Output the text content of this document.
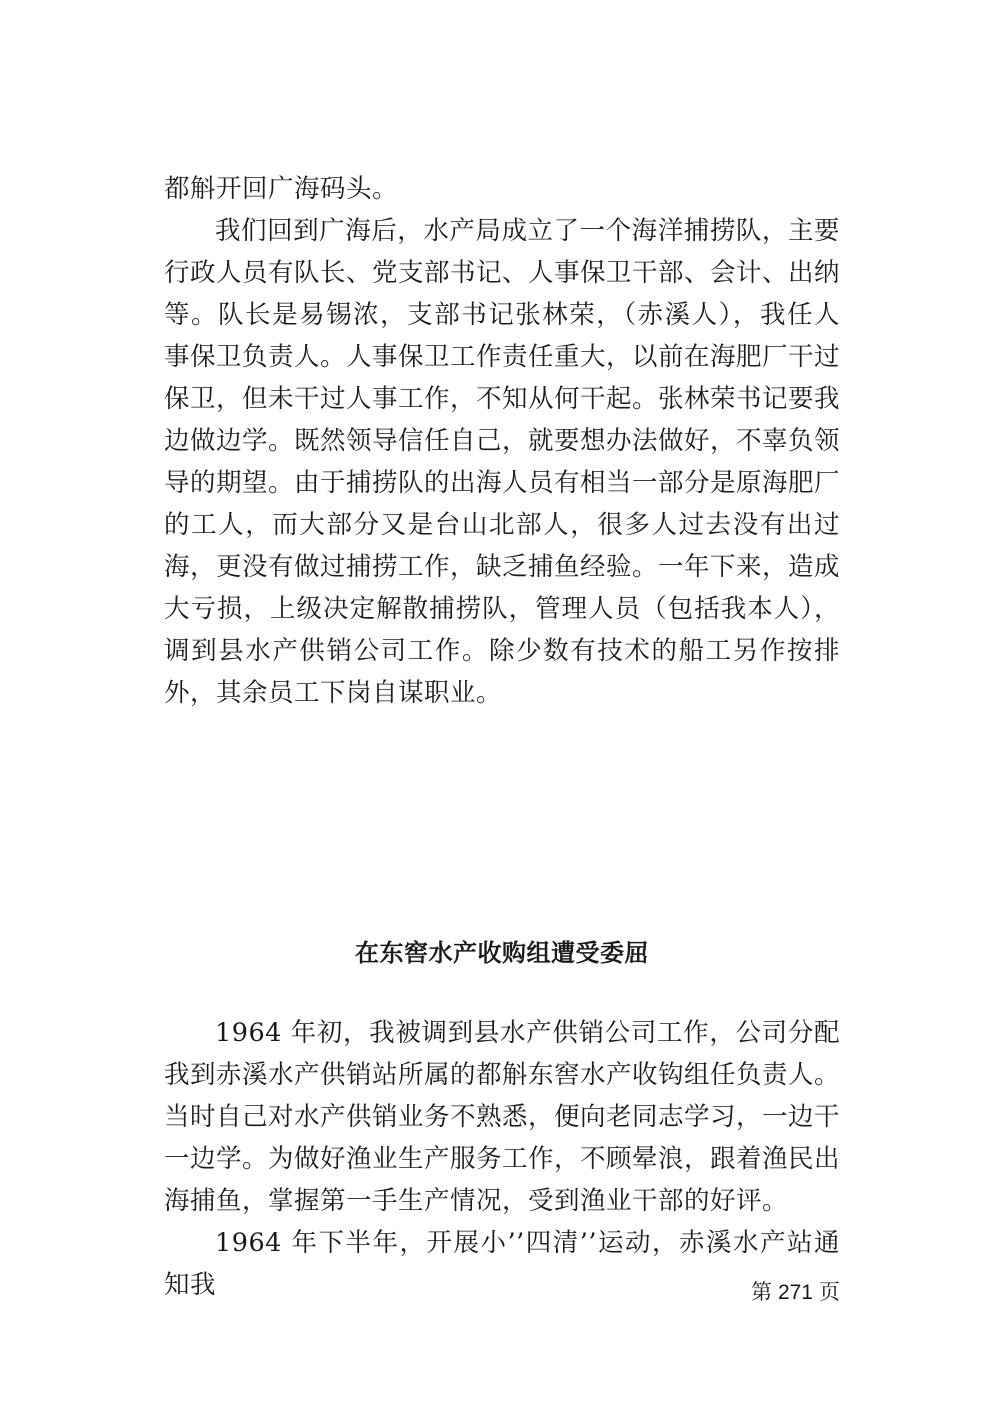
都斛开回广海码头。

我们回到广海后，水产局成立了一个海洋捕捞队，主要行政人员有队长、党支部书记、人事保卫干部、会计、出纳等。队长是易锡浓，支部书记张林荣，（赤溪人），我任人事保卫负责人。人事保卫工作责任重大，以前在海肥厂干过保卫，但未干过人事工作，不知从何干起。张林荣书记要我边做边学。既然领导信任自己，就要想办法做好，不辜负领导的期望。由于捕捞队的出海人员有相当一部分是原海肥厂的工人，而大部分又是台山北部人，很多人过去没有出过海，更没有做过捕捞工作，缺乏捕鱼经验。一年下来，造成大亏损，上级决定解散捕捞队，管理人员（包括我本人），调到县水产供销公司工作。除少数有技术的船工另作按排外，其余员工下岗自谋职业。

在东窖水产收购组遭受委屈

1964 年初，我被调到县水产供销公司工作，公司分配我到赤溪水产供销站所属的都斛东窖水产收钩组任负责人。当时自己对水产供销业务不熟悉，便向老同志学习，一边干一边学。为做好渔业生产服务工作，不顾晕浪，跟着渔民出海捕鱼，掌握第一手生产情况，受到渔业干部的好评。

1964 年下半年，开展小’’四清’’运动，赤溪水产站通知我	第 271 页
